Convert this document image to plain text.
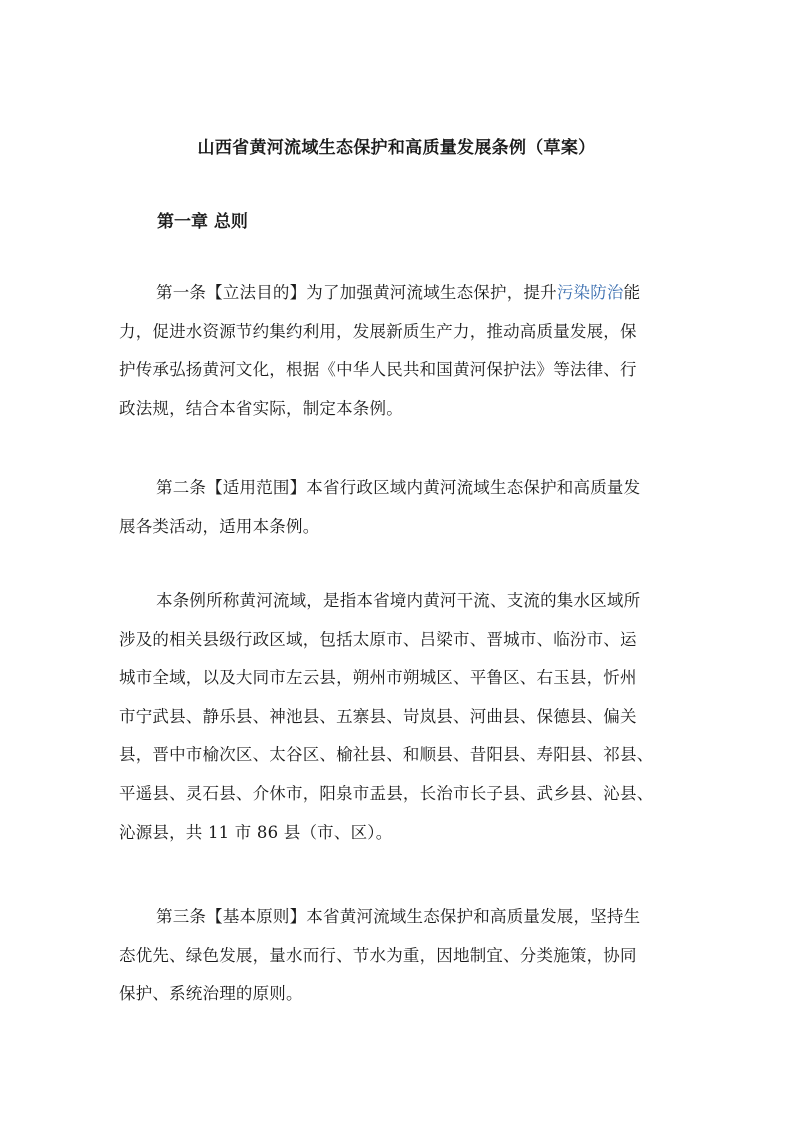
山西省黄河流域生态保护和高质量发展条例（草案）
第一章 总则
第一条【立法目的】为了加强黄河流域生态保护，提升污染防治能
力，促进水资源节约集约利用，发展新质生产力，推动高质量发展，保
护传承弘扬黄河文化，根据《中华人民共和国黄河保护法》等法律、行
政法规，结合本省实际，制定本条例。
第二条【适用范围】本省行政区域内黄河流域生态保护和高质量发
展各类活动，适用本条例。
本条例所称黄河流域，是指本省境内黄河干流、支流的集水区域所
涉及的相关县级行政区域，包括太原市、吕梁市、晋城市、临汾市、运
城市全域，以及大同市左云县，朔州市朔城区、平鲁区、右玉县，忻州
市宁武县、静乐县、神池县、五寨县、岢岚县、河曲县、保德县、偏关
县，晋中市榆次区、太谷区、榆社县、和顺县、昔阳县、寿阳县、祁县、
平遥县、灵石县、介休市，阳泉市盂县，长治市长子县、武乡县、沁县、
沁源县，共 11 市 86 县（市、区）。
第三条【基本原则】本省黄河流域生态保护和高质量发展，坚持生
态优先、绿色发展，量水而行、节水为重，因地制宜、分类施策，协同
保护、系统治理的原则。
